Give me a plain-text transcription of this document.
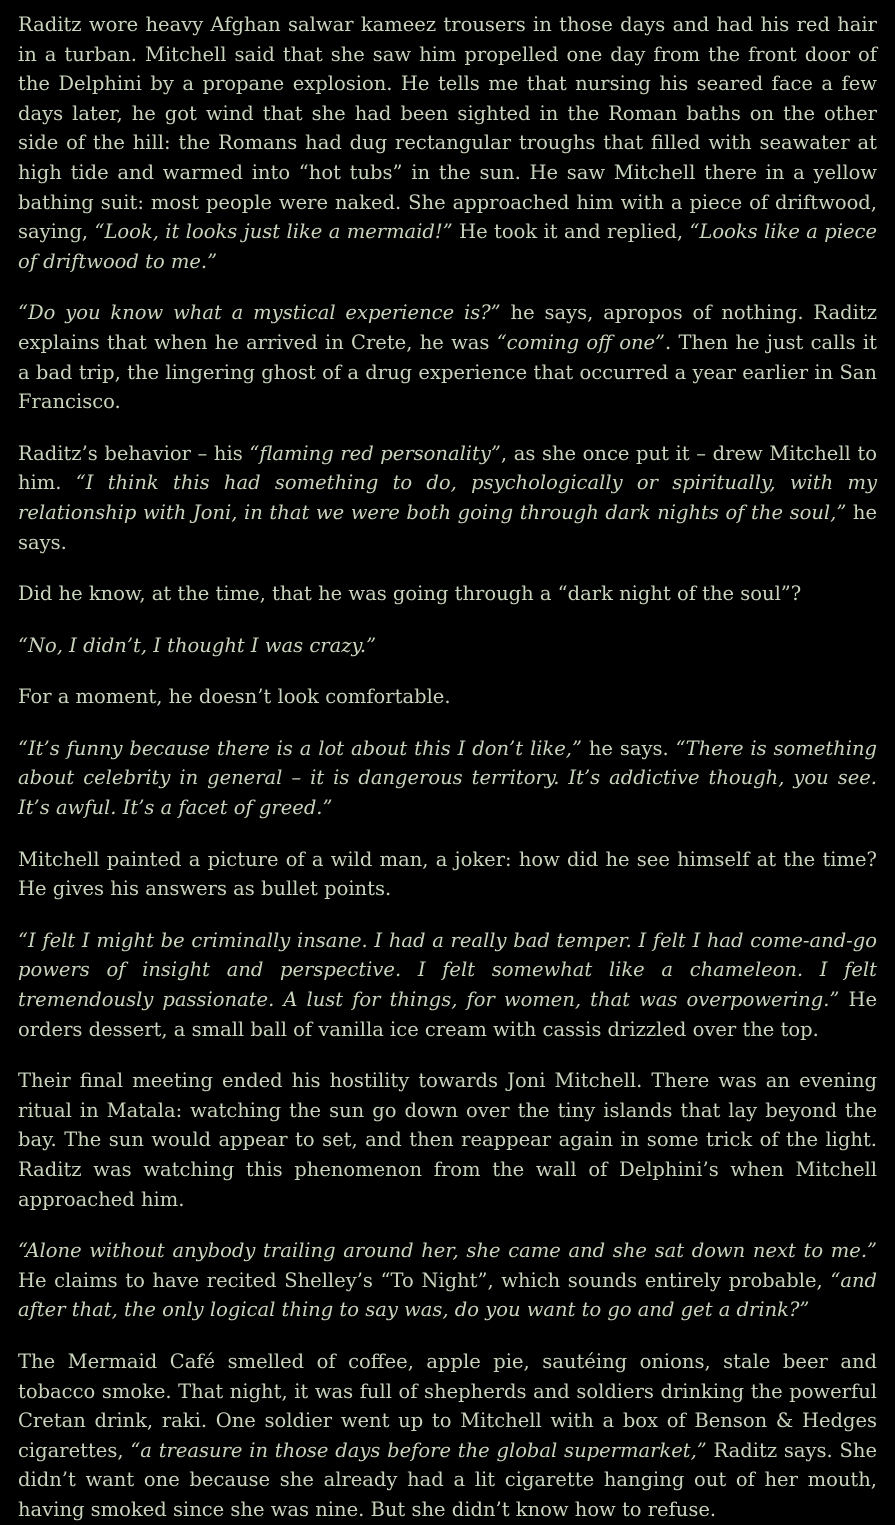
Raditz wore heavy Afghan salwar kameez trousers in those days and had his red hair in a turban. Mitchell said that she saw him propelled one day from the front door of the Delphini by a propane explosion. He tells me that nursing his seared face a few days later, he got wind that she had been sighted in the Roman baths on the other side of the hill: the Romans had dug rectangular troughs that filled with seawater at high tide and warmed into “hot tubs” in the sun. He saw Mitchell there in a yellow bathing suit: most people were naked. She approached him with a piece of driftwood, saying, “Look, it looks just like a mermaid!” He took it and replied, “Looks like a piece of driftwood to me.”

“Do you know what a mystical experience is?” he says, apropos of nothing. Raditz explains that when he arrived in Crete, he was “coming off one”. Then he just calls it a bad trip, the lingering ghost of a drug experience that occurred a year earlier in San Francisco.

Raditz’s behavior – his “flaming red personality”, as she once put it – drew Mitchell to him. “I think this had something to do, psychologically or spiritually, with my relationship with Joni, in that we were both going through dark nights of the soul,” he says.

Did he know, at the time, that he was going through a “dark night of the soul”?

“No, I didn’t, I thought I was crazy.”

For a moment, he doesn’t look comfortable.

“It’s funny because there is a lot about this I don’t like,” he says. “There is something about celebrity in general – it is dangerous territory. It’s addictive though, you see. It’s awful. It’s a facet of greed.”

Mitchell painted a picture of a wild man, a joker: how did he see himself at the time? He gives his answers as bullet points.

“I felt I might be criminally insane. I had a really bad temper. I felt I had come-and-go powers of insight and perspective. I felt somewhat like a chameleon. I felt tremendously passionate. A lust for things, for women, that was overpowering.” He orders dessert, a small ball of vanilla ice cream with cassis drizzled over the top.

Their final meeting ended his hostility towards Joni Mitchell. There was an evening ritual in Matala: watching the sun go down over the tiny islands that lay beyond the bay. The sun would appear to set, and then reappear again in some trick of the light. Raditz was watching this phenomenon from the wall of Delphini’s when Mitchell approached him.

“Alone without anybody trailing around her, she came and she sat down next to me.” He claims to have recited Shelley’s “To Night”, which sounds entirely probable, “and after that, the only logical thing to say was, do you want to go and get a drink?”

The Mermaid Café smelled of coffee, apple pie, sautéing onions, stale beer and tobacco smoke. That night, it was full of shepherds and soldiers drinking the powerful Cretan drink, raki. One soldier went up to Mitchell with a box of Benson & Hedges cigarettes, “a treasure in those days before the global supermarket,” Raditz says. She didn’t want one because she already had a lit cigarette hanging out of her mouth, having smoked since she was nine. But she didn’t know how to refuse.
